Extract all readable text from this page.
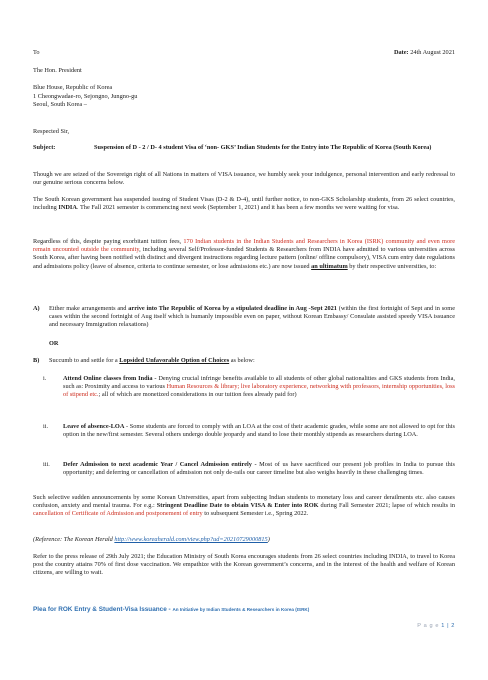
To	Date: 24th August 2021
The Hon. President
Blue House, Republic of Korea
1 Cheongwadae-ro, Sejongno, Jungno-gu
Seoul, South Korea –
Respected Sir,
Subject:	Suspension of D - 2 / D- 4 student Visa of ‘non- GKS’ Indian Students for the Entry into The Republic of Korea (South Korea)

Though we are seized of the Sovereign right of all Nations in matters of VISA issuance, we humbly seek your indulgence, personal intervention and early redressal to our genuine serious concerns below.

The South Korean government has suspended issuing of Student Visas (D-2 & D-4), until further notice, to non-GKS Scholarship students, from 26 select countries, including INDIA. The Fall 2021 semester is commencing next week (September 1, 2021) and it has been a few months we were waiting for visa.

Regardless of this, despite paying exorbitant tuition fees, 170 Indian students in the Indian Students and Researchers in Korea (ISRK) community and even more remain uncounted outside the community, including several Self/Professor-funded Students & Researchers from INDIA have admitted to various universities across South Korea, after having been notified with distinct and divergent instructions regarding lecture pattern (online/ offline compulsory), VISA cum entry date regulations and admissions policy (leave of absence, criteria to continue semester, or lose admissions etc.) are now issued an ultimatum by their respective universities, to:

A) Either make arrangements and arrive into The Republic of Korea by a stipulated deadline in Aug -Sept 2021 (within the first fortnight of Sept and in some cases within the second fortnight of Aug itself which is humanly impossible even on paper, without Korean Embassy/ Consulate assisted speedy VISA issuance and necessary Immigration relaxations)

OR
B) Succumb to and settle for a Lopsided Unfavorable Option of Choices as below:

i.	Attend Online classes from India - Denying crucial infringe benefits available to all students of other global nationalities and GKS students from India, such as: Proximity and access to various Human Resources & library; live laboratory experience, networking with professors, internship opportunities, loss of stipend etc.; all of which are monetized considerations in our tuition fees already paid for)

ii. Leave of absence-LOA - Some students are forced to comply with an LOA at the cost of their academic grades, while some are not allowed to opt for this option in the new/first semester. Several others undergo double jeopardy and stand to lose their monthly stipends as researchers during LOA.

iii. Defer Admission to next academic Year / Cancel Admission entirely - Most of us have sacrificed our present job profiles in India to pursue this opportunity; and deferring or cancellation of admission not only de-rails our career timeline but also weighs heavily in these challenging times.

Such selective sudden announcements by some Korean Universities, apart from subjecting Indian students to monetary loss and career derailments etc. also causes confusion, anxiety and mental trauma. For e.g.: Stringent Deadline Date to obtain VISA & Enter into ROK during Fall Semester 2021; lapse of which results in cancellation of Certificate of Admission and postponement of entry to subsequent Semester i.e., Spring 2022.

(Reference: The Korean Herald http://www.koreaherald.com/view.php?ud=20210729000815)

Refer to the press release of 29th July 2021; the Education Ministry of South Korea encourages students from 26 select countries including INDIA, to travel to Korea post the country attains 70% of first dose vaccination. We empathize with the Korean government’s concerns, and in the interest of the health and welfare of Korean citizens, are willing to wait.

Plea for ROK Entry & Student-Visa Issuance - An Initiative by Indian Students & Researchers in Korea (ISRK)
P a g e 1 | 2
